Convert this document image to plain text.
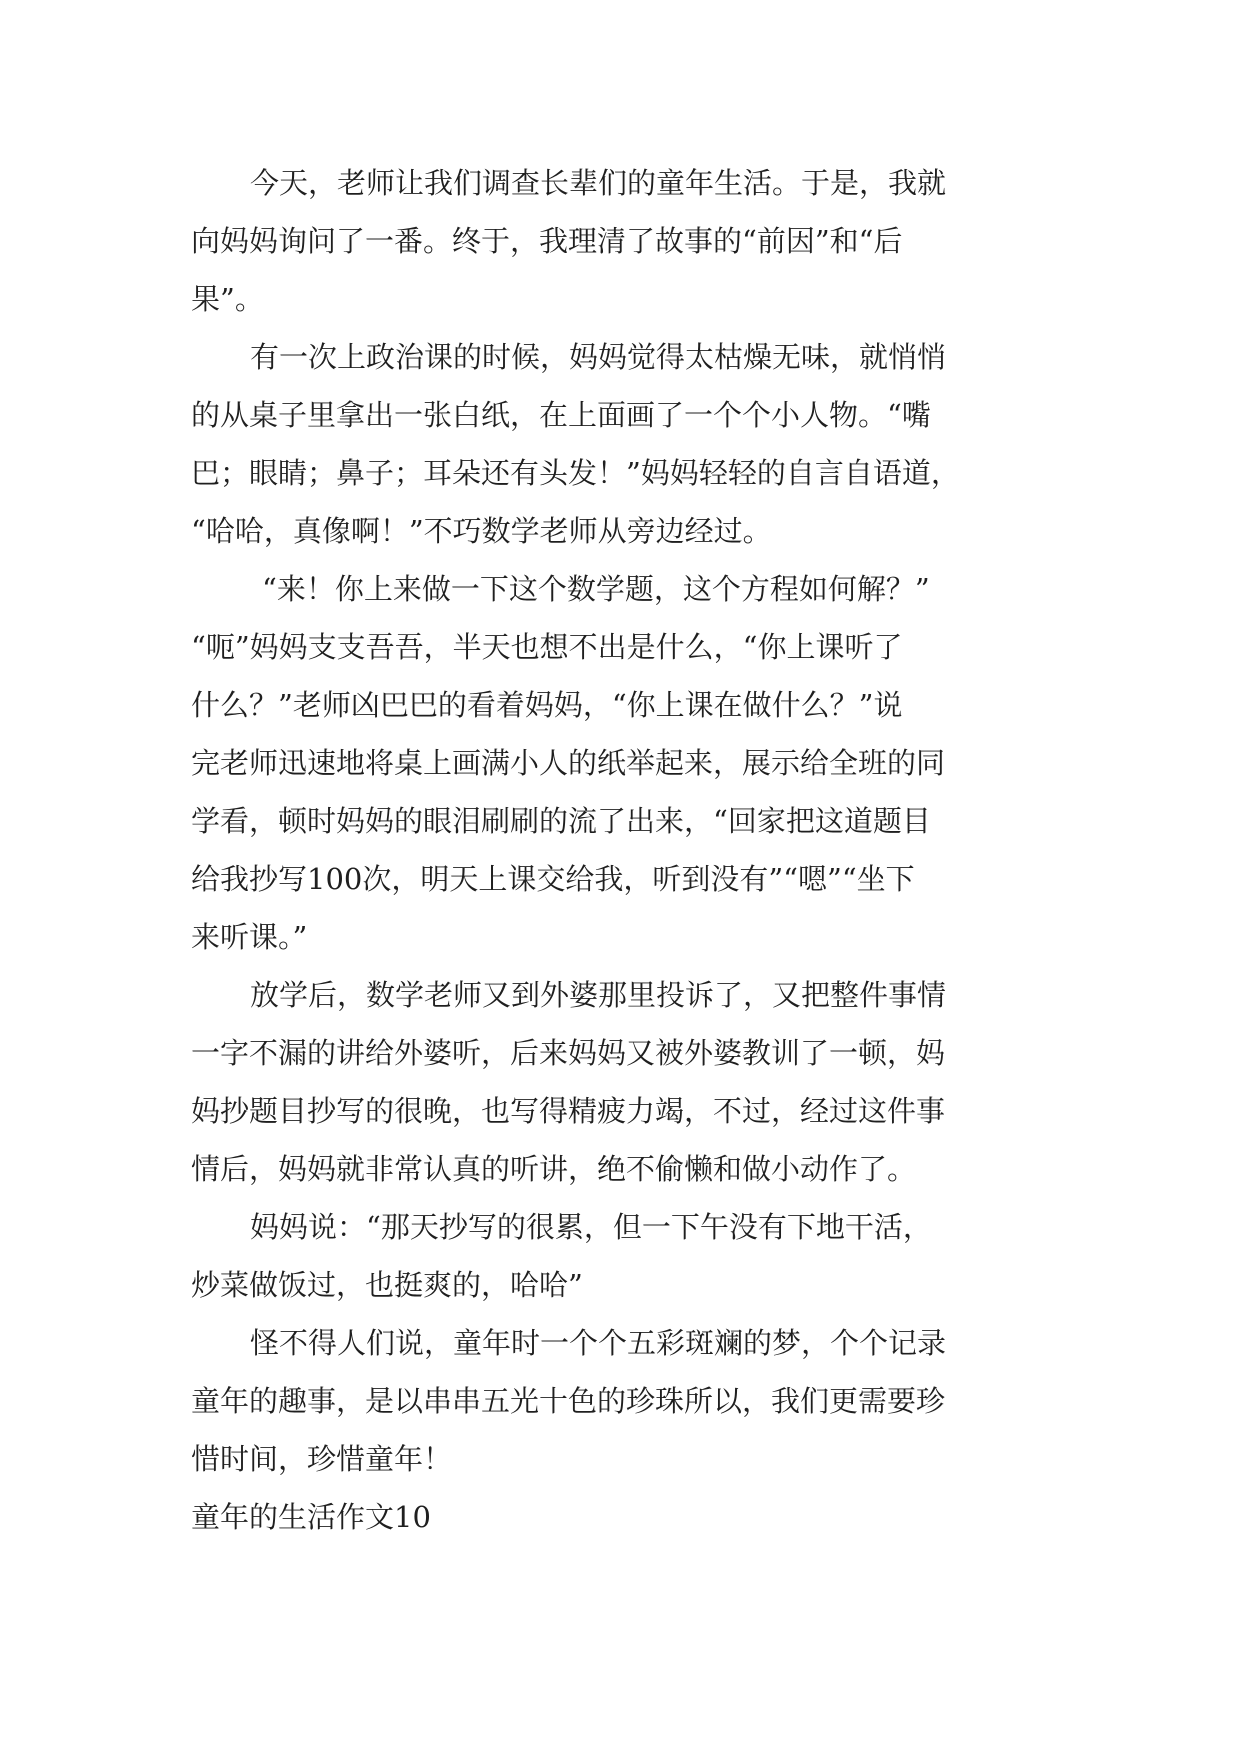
今天，老师让我们调查长辈们的童年生活。于是，我就

向妈妈询问了一番。终于，我理清了故事的“前因”和“后

果”。

有一次上政治课的时候，妈妈觉得太枯燥无味，就悄悄

的从桌子里拿出一张白纸，在上面画了一个个小人物。“嘴

巴；眼睛；鼻子；耳朵还有头发！”妈妈轻轻的自言自语道，

“哈哈，真像啊！”不巧数学老师从旁边经过。

“来！你上来做一下这个数学题，这个方程如何解？”

“呃”妈妈支支吾吾，半天也想不出是什么，“你上课听了

什么？”老师凶巴巴的看着妈妈，“你上课在做什么？”说

完老师迅速地将桌上画满小人的纸举起来，展示给全班的同

学看，顿时妈妈的眼泪刷刷的流了出来，“回家把这道题目

给我抄写100次，明天上课交给我，听到没有”“嗯”“坐下

来听课。”

放学后，数学老师又到外婆那里投诉了，又把整件事情

一字不漏的讲给外婆听，后来妈妈又被外婆教训了一顿，妈

妈抄题目抄写的很晚，也写得精疲力竭，不过，经过这件事

情后，妈妈就非常认真的听讲，绝不偷懒和做小动作了。

妈妈说：“那天抄写的很累，但一下午没有下地干活，

炒菜做饭过，也挺爽的，哈哈”

怪不得人们说，童年时一个个五彩斑斓的梦，个个记录

童年的趣事，是以串串五光十色的珍珠所以，我们更需要珍

惜时间，珍惜童年！

童年的生活作文10
